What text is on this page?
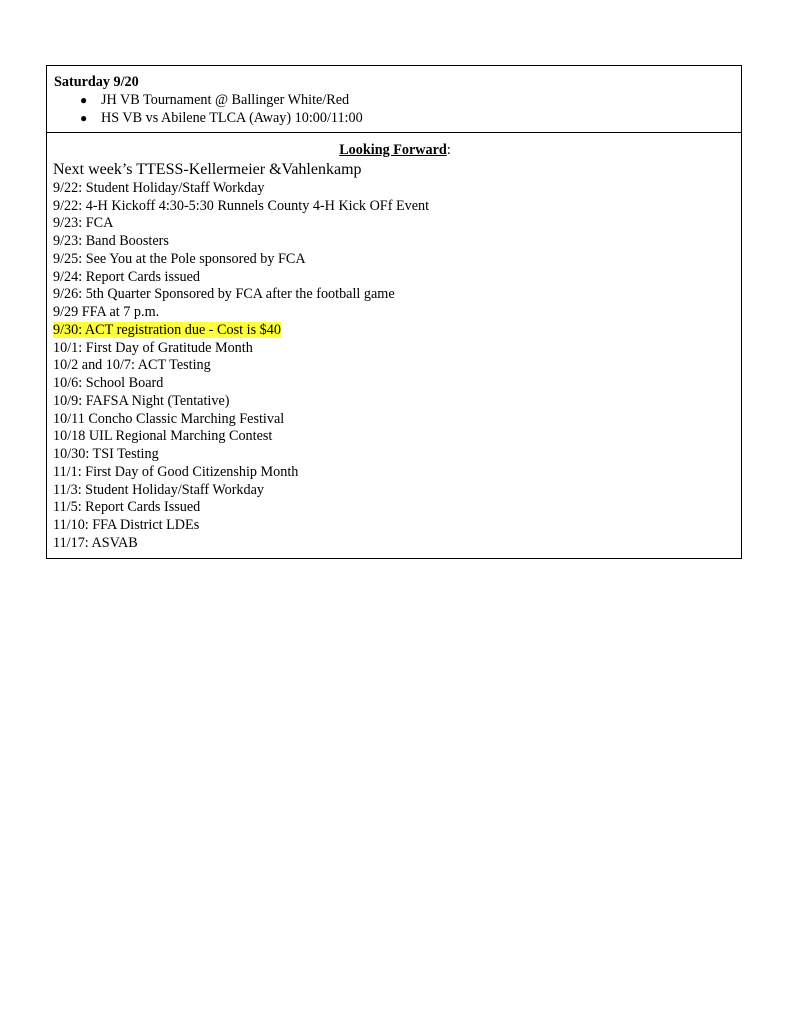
Saturday 9/20
● JH VB Tournament @ Ballinger White/Red
● HS VB vs Abilene TLCA (Away) 10:00/11:00
Looking Forward:
Next week’s TTESS-Kellermeier &Vahlenkamp
9/22: Student Holiday/Staff Workday
9/22: 4-H Kickoff 4:30-5:30 Runnels County 4-H Kick OFf Event
9/23: FCA
9/23: Band Boosters
9/25: See You at the Pole sponsored by FCA
9/24: Report Cards issued
9/26: 5th Quarter Sponsored by FCA after the football game
9/29 FFA at 7 p.m.
9/30: ACT registration due - Cost is $40
10/1: First Day of Gratitude Month
10/2 and 10/7: ACT Testing
10/6: School Board
10/9: FAFSA Night (Tentative)
10/11 Concho Classic Marching Festival
10/18 UIL Regional Marching Contest
10/30: TSI Testing
11/1: First Day of Good Citizenship Month
11/3: Student Holiday/Staff Workday
11/5: Report Cards Issued
11/10: FFA District LDEs
11/17: ASVAB
